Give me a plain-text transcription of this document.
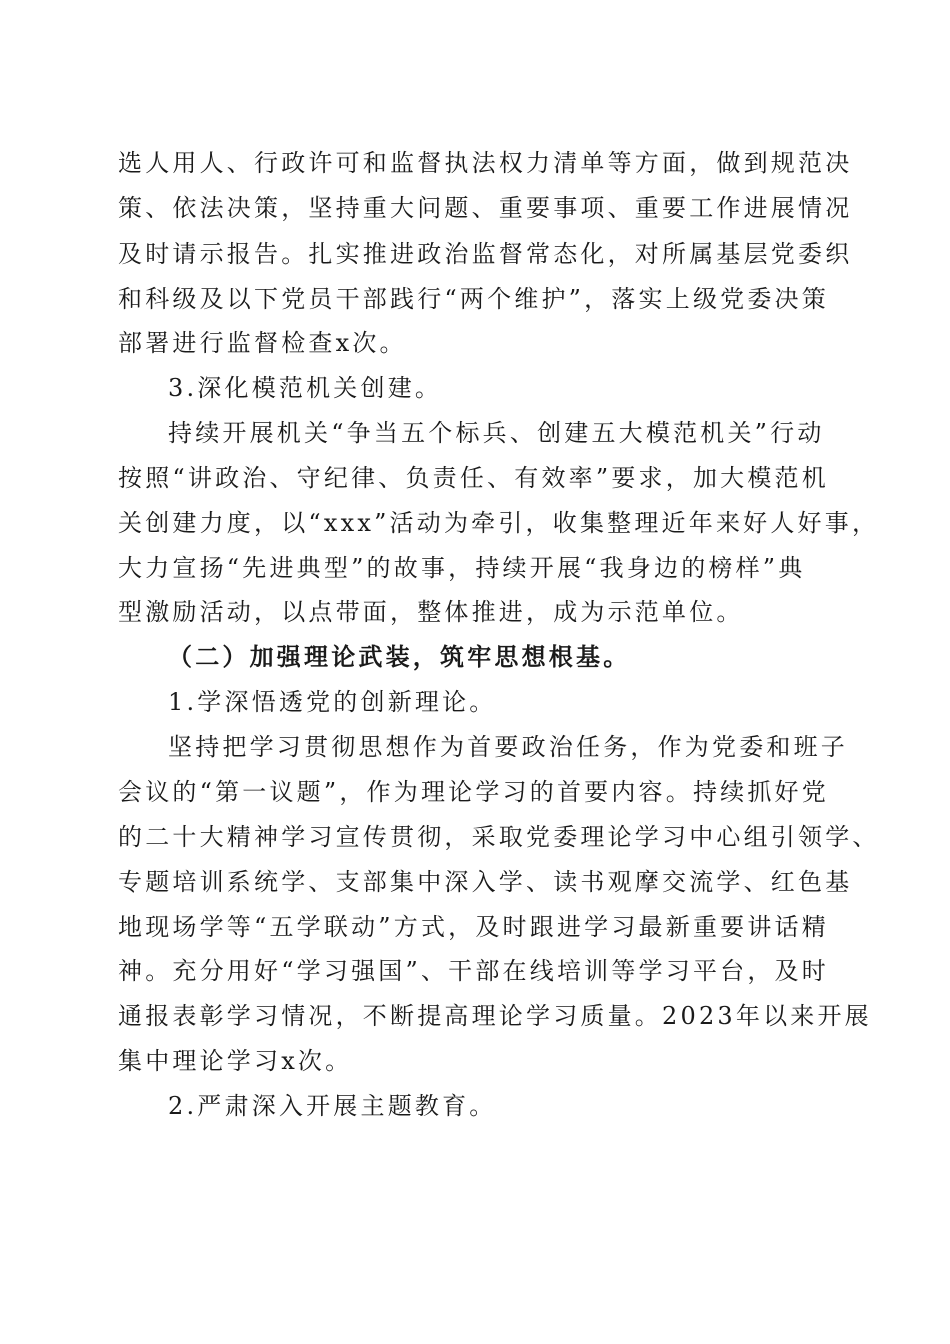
选人用人、行政许可和监督执法权力清单等方面，做到规范决
策、依法决策，坚持重大问题、重要事项、重要工作进展情况
及时请示报告。扎实推进政治监督常态化，对所属基层党委织
和科级及以下党员干部践行“两个维护”，落实上级党委决策
部署进行监督检查x次。
3.深化模范机关创建。
持续开展机关“争当五个标兵、创建五大模范机关”行动
按照“讲政治、守纪律、负责任、有效率”要求，加大模范机
关创建力度，以“xxx”活动为牵引，收集整理近年来好人好事，
大力宣扬“先进典型”的故事，持续开展“我身边的榜样”典
型激励活动，以点带面，整体推进，成为示范单位。
（二）加强理论武装，筑牢思想根基。
1.学深悟透党的创新理论。
坚持把学习贯彻思想作为首要政治任务，作为党委和班子
会议的“第一议题”，作为理论学习的首要内容。持续抓好党
的二十大精神学习宣传贯彻，采取党委理论学习中心组引领学、
专题培训系统学、支部集中深入学、读书观摩交流学、红色基
地现场学等“五学联动”方式，及时跟进学习最新重要讲话精
神。充分用好“学习强国”、干部在线培训等学习平台，及时
通报表彰学习情况，不断提高理论学习质量。2023年以来开展
集中理论学习x次。
2.严肃深入开展主题教育。
